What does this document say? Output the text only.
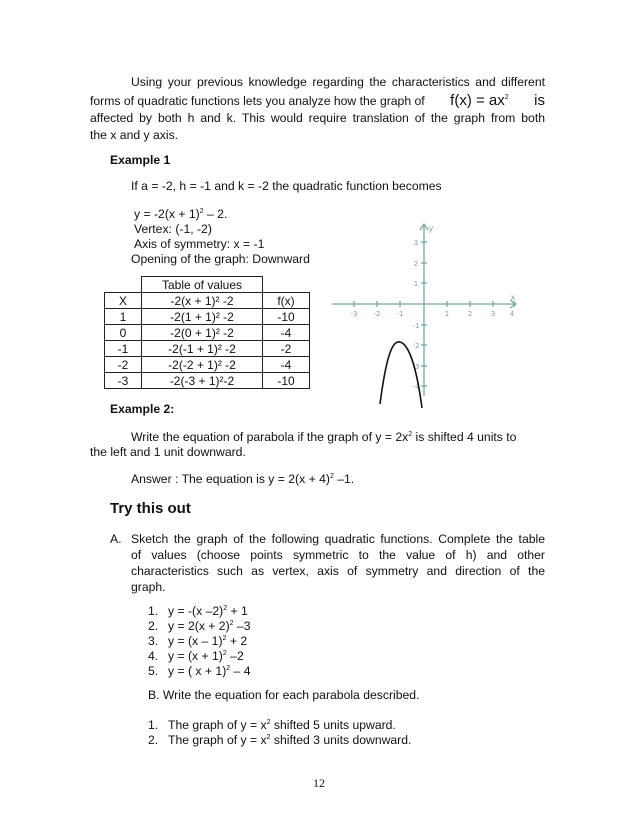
Using your previous knowledge regarding the characteristics and different
forms of quadratic functions lets you analyze how the graph of $f(x) = ax^2$ is
affected by both h and k. This would require translation of the graph from both
the x and y axis.
Example 1
If a = -2, h = -1 and k = -2 the quadratic function becomes
$y = -2(x + 1)^2 - 2$.
Vertex: (-1, -2)
Axis of symmetry: x = -1
Opening of the graph: Downward
	Table of values	
X	-2(x + 1)² -2	f(x)
1	-2(1 + 1)² -2	-10
0	-2(0 + 1)² -2	-4
-1	-2(-1 + 1)² -2	-2
-2	-2(-2 + 1)² -2	-4
-3	-2(-3 + 1)²-2	-10
x
y
-3 -2 -1	1	2	3 4
3
2
1
-1
-2
-3
-4
Example 2:
Write the equation of parabola if the graph of $y = 2x^2$ is shifted 4 units to
the left and 1 unit downward.
Answer : The equation is $y = 2(x + 4)^2$ –1.
Try this out
A. Sketch the graph of the following quadratic functions. Complete the table
of values (choose points symmetric to the value of h) and other
characteristics such as vertex, axis of symmetry and direction of the
graph.
1. y = -(x –2)$^2$ + 1
2. $y = 2(x + 2)^2$ –3
3. y = (x – 1)$^2$ + 2
4. $y = (x + 1)^2$ –2
5. y = ( x + 1)$^2$ – 4
B. Write the equation for each parabola described.
1. The graph of $y = x^2$ shifted 5 units upward.
2. The graph of $y = x^2$ shifted 3 units downward.
12
